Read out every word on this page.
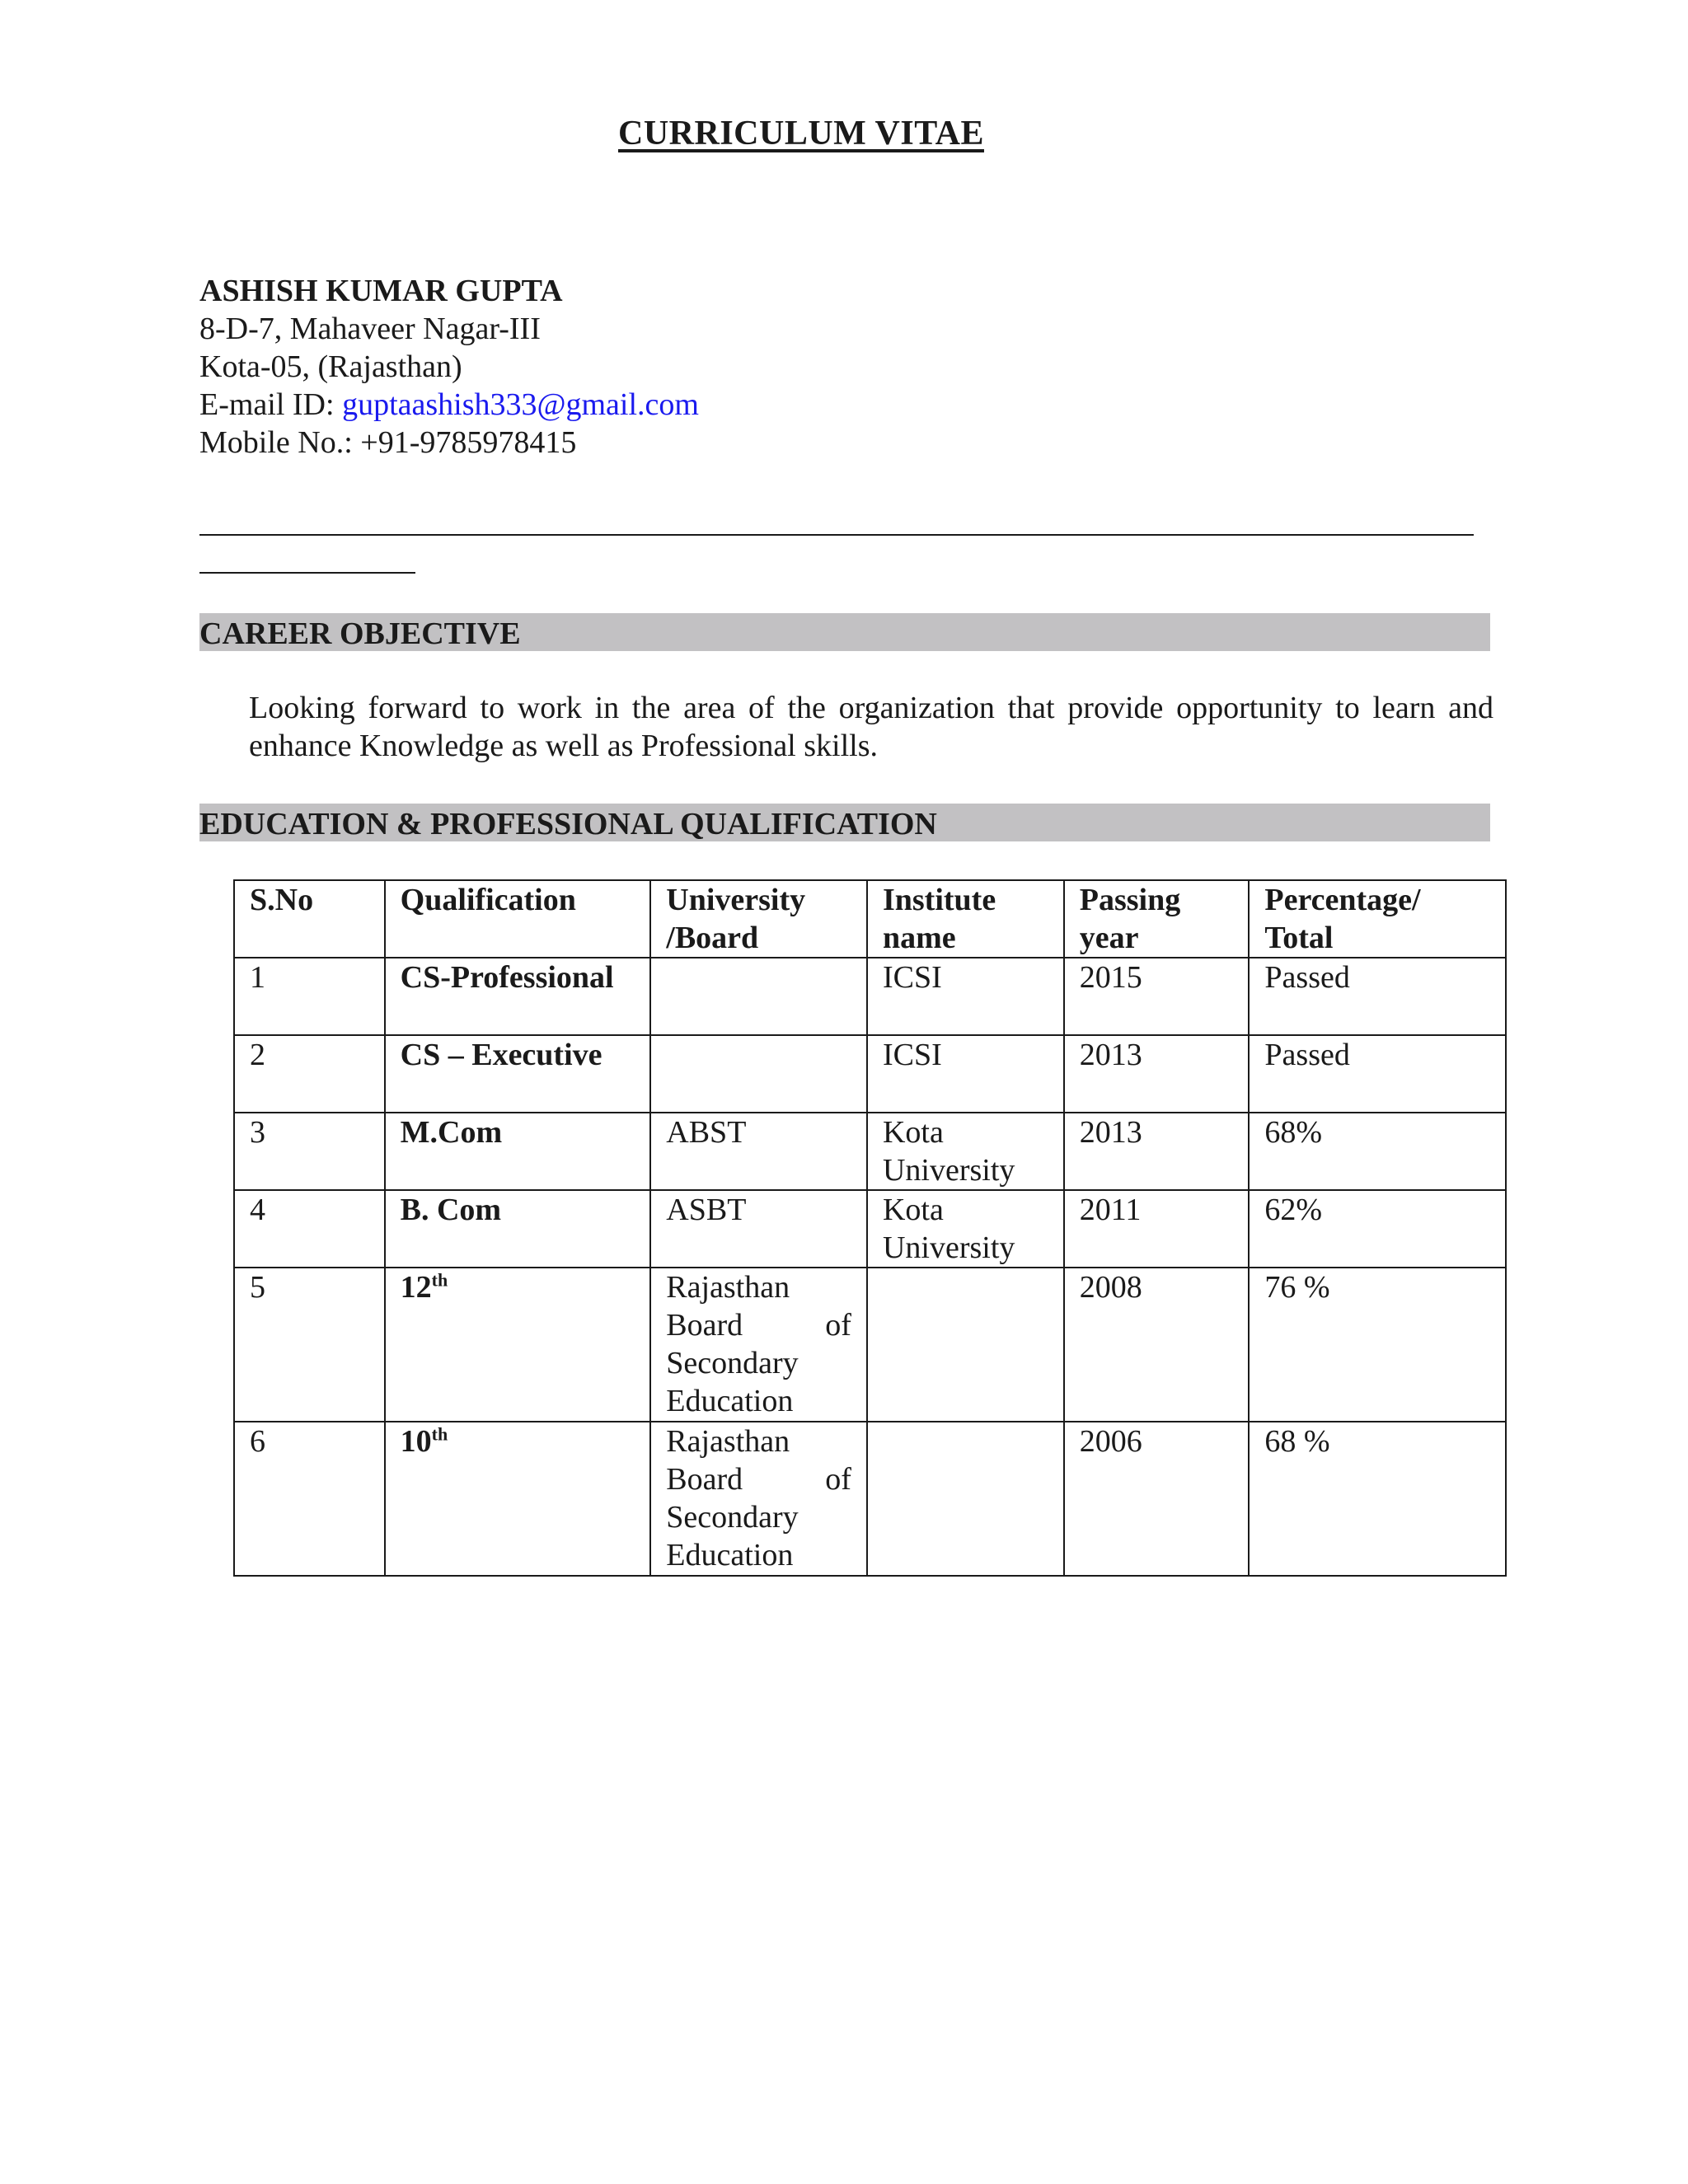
CURRICULUM VITAE
ASHISH KUMAR GUPTA
8-D-7, Mahaveer Nagar-III
Kota-05, (Rajasthan)
E-mail ID: guptaashish333@gmail.com
Mobile No.: +91-9785978415
CAREER OBJECTIVE
Looking forward to work in the area of the organization that provide opportunity to learn and enhance Knowledge as well as Professional skills.
EDUCATION & PROFESSIONAL QUALIFICATION
S.No	Qualification	University /Board	Institute name	Passing year	Percentage/ Total
1	CS-Professional		ICSI	2015	Passed
2	CS – Executive		ICSI	2013	Passed
3	M.Com	ABST	Kota University	2013	68%
4	B. Com	ASBT	Kota University	2011	62%
5	12th	Rajasthan Board of Secondary Education		2008	76 %
6	10th	Rajasthan Board of Secondary Education		2006	68 %
